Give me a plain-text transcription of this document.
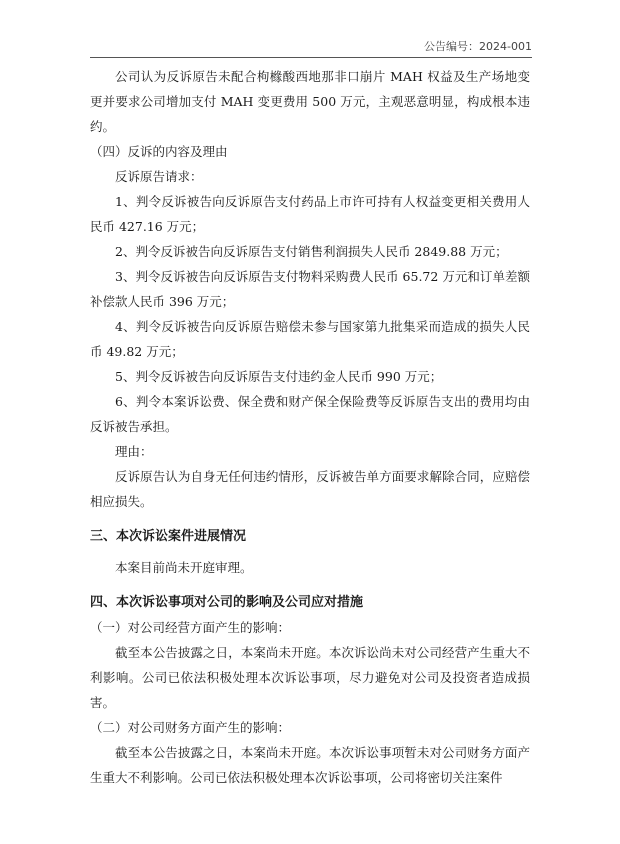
公告编号：2024-001

公司认为反诉原告未配合枸橼酸西地那非口崩片 MAH 权益及生产场地变更并要求公司增加支付 MAH 变更费用 500 万元，主观恶意明显，构成根本违约。

（四）反诉的内容及理由

反诉原告请求：

1、判令反诉被告向反诉原告支付药品上市许可持有人权益变更相关费用人民币 427.16 万元；

2、判令反诉被告向反诉原告支付销售利润损失人民币 2849.88 万元；

3、判令反诉被告向反诉原告支付物料采购费人民币 65.72 万元和订单差额补偿款人民币 396 万元；

4、判令反诉被告向反诉原告赔偿未参与国家第九批集采而造成的损失人民币 49.82 万元；

5、判令反诉被告向反诉原告支付违约金人民币 990 万元；

6、判令本案诉讼费、保全费和财产保全保险费等反诉原告支出的费用均由反诉被告承担。

理由：

反诉原告认为自身无任何违约情形，反诉被告单方面要求解除合同，应赔偿相应损失。

三、本次诉讼案件进展情况

本案目前尚未开庭审理。

四、本次诉讼事项对公司的影响及公司应对措施

（一）对公司经营方面产生的影响：

截至本公告披露之日，本案尚未开庭。本次诉讼尚未对公司经营产生重大不利影响。公司已依法积极处理本次诉讼事项，尽力避免对公司及投资者造成损害。

（二）对公司财务方面产生的影响：

截至本公告披露之日，本案尚未开庭。本次诉讼事项暂未对公司财务方面产生重大不利影响。公司已依法积极处理本次诉讼事项，公司将密切关注案件
